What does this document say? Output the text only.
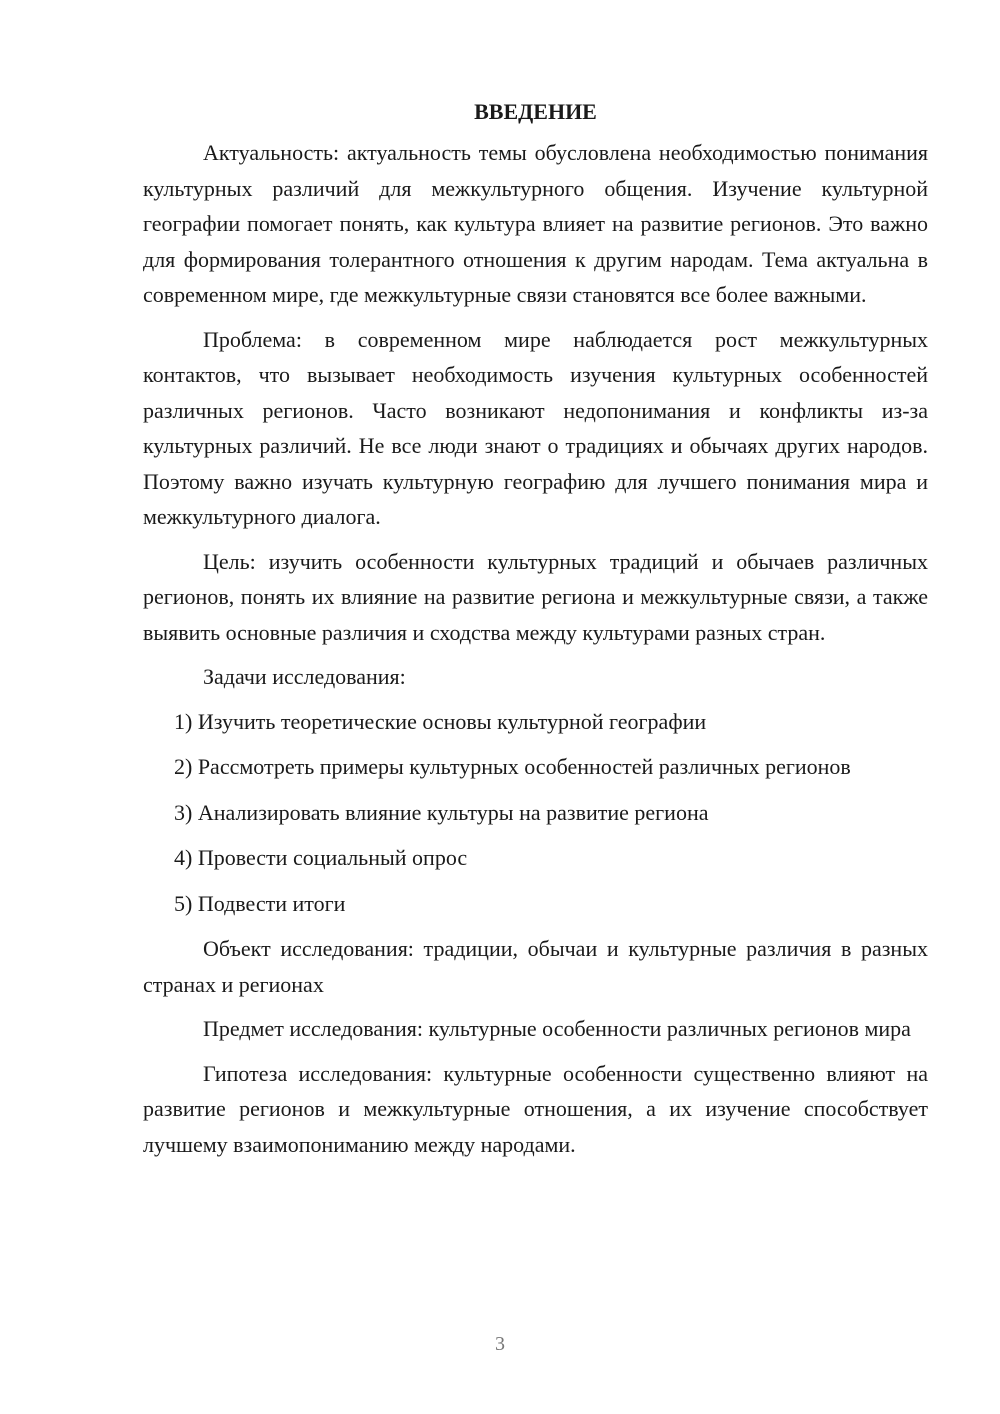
ВВЕДЕНИЕ

Актуальность: актуальность темы обусловлена необходимостью понимания культурных различий для межкультурного общения. Изучение культурной географии помогает понять, как культура влияет на развитие регионов. Это важно для формирования толерантного отношения к другим народам. Тема актуальна в современном мире, где межкультурные связи становятся все более важными.

Проблема: в современном мире наблюдается рост межкультурных контактов, что вызывает необходимость изучения культурных особенностей различных регионов. Часто возникают недопонимания и конфликты из-за культурных различий. Не все люди знают о традициях и обычаях других народов. Поэтому важно изучать культурную географию для лучшего понимания мира и межкультурного диалога.

Цель: изучить особенности культурных традиций и обычаев различных регионов, понять их влияние на развитие региона и межкультурные связи, а также выявить основные различия и сходства между культурами разных стран.

Задачи исследования:

1) Изучить теоретические основы культурной географии

2) Рассмотреть примеры культурных особенностей различных регионов

3) Анализировать влияние культуры на развитие региона

4) Провести социальный опрос

5) Подвести итоги

Объект исследования: традиции, обычаи и культурные различия в разных странах и регионах

Предмет исследования: культурные особенности различных регионов мира

Гипотеза исследования: культурные особенности существенно влияют на развитие регионов и межкультурные отношения, а их изучение способствует лучшему взаимопониманию между народами.

3
